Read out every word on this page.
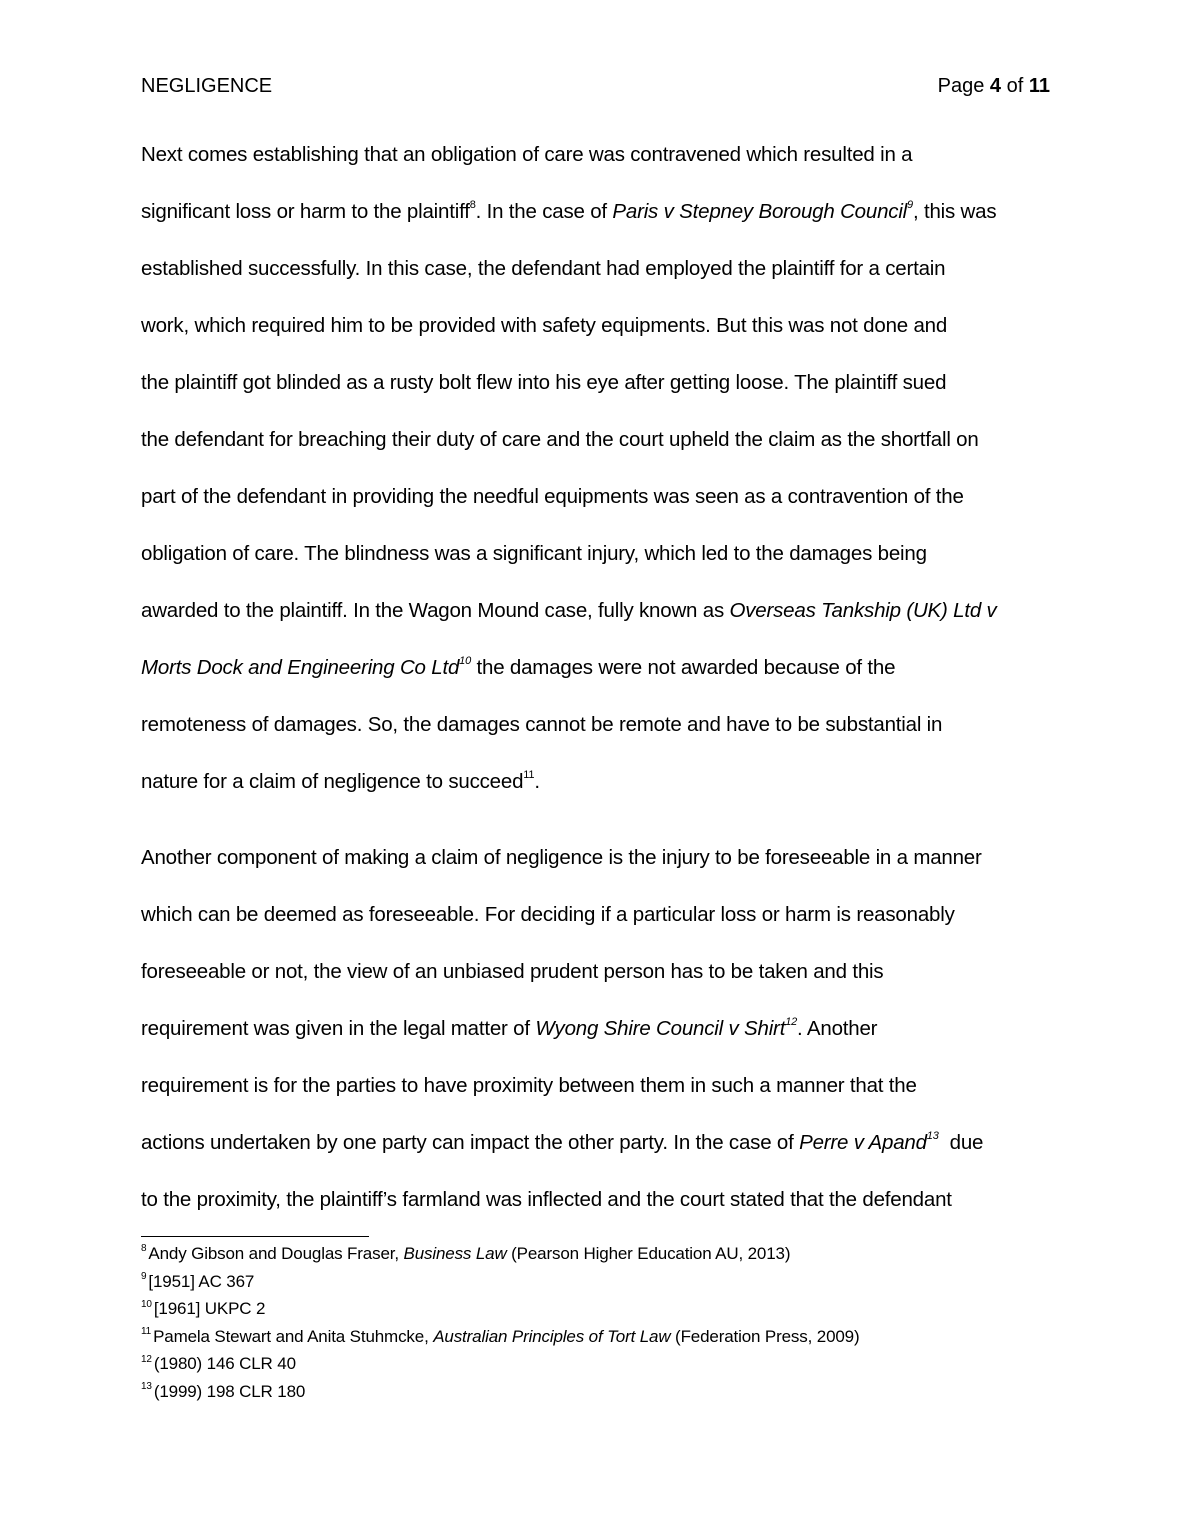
NEGLIGENCE	Page 4 of 11

Next comes establishing that an obligation of care was contravened which resulted in a
significant loss or harm to the plaintiff$^8$. In the case of Paris v Stepney Borough Council$^9$, this was
established successfully. In this case, the defendant had employed the plaintiff for a certain
work, which required him to be provided with safety equipments. But this was not done and
the plaintiff got blinded as a rusty bolt flew into his eye after getting loose. The plaintiff sued
the defendant for breaching their duty of care and the court upheld the claim as the shortfall on
part of the defendant in providing the needful equipments was seen as a contravention of the
obligation of care. The blindness was a significant injury, which led to the damages being
awarded to the plaintiff. In the Wagon Mound case, fully known as Overseas Tankship (UK) Ltd v
Morts Dock and Engineering Co Ltd$^{10}$ the damages were not awarded because of the
remoteness of damages. So, the damages cannot be remote and have to be substantial in
nature for a claim of negligence to succeed$^{11}$.

Another component of making a claim of negligence is the injury to be foreseeable in a manner
which can be deemed as foreseeable. For deciding if a particular loss or harm is reasonably
foreseeable or not, the view of an unbiased prudent person has to be taken and this
requirement was given in the legal matter of Wyong Shire Council v Shirt$^{12}$. Another
requirement is for the parties to have proximity between them in such a manner that the
actions undertaken by one party can impact the other party. In the case of Perre v Apand$^{13}$  due
to the proximity, the plaintiff’s farmland was inflected and the court stated that the defendant

$^8$ Andy Gibson and Douglas Fraser, Business Law (Pearson Higher Education AU, 2013)
$^9$ [1951] AC 367
$^{10}$ [1961] UKPC 2
$^{11}$ Pamela Stewart and Anita Stuhmcke, Australian Principles of Tort Law (Federation Press, 2009)
$^{12}$ (1980) 146 CLR 40
$^{13}$ (1999) 198 CLR 180
